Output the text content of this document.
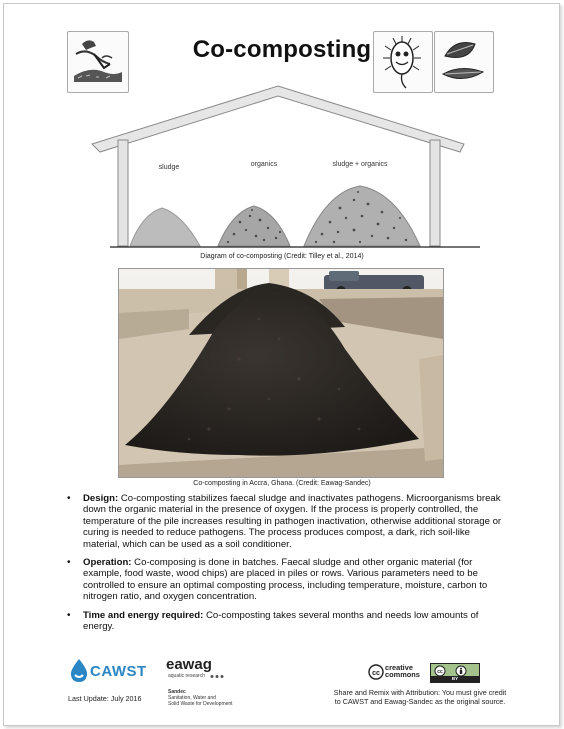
Co-composting
sludge	organics	sludge + organics
Diagram of co-composting (Credit: Tilley et al., 2014)
Co-composting in Accra, Ghana. (Credit: Eawag-Sandec)
• Design: Co-composting stabilizes faecal sludge and inactivates pathogens. Microorganisms break down the organic material in the presence of oxygen. If the process is properly controlled, the temperature of the pile increases resulting in pathogen inactivation, otherwise additional storage or curing is needed to reduce pathogens. The process produces compost, a dark, rich soil-like material, which can be used as a soil conditioner.
• Operation: Co-composing is done in batches. Faecal sludge and other organic material (for example, food waste, wood chips) are placed in piles or rows. Various parameters need to be controlled to ensure an optimal composting process, including temperature, moisture, carbon to nitrogen ratio, and oxygen concentration.
• Time and energy required: Co-composting takes several months and needs low amounts of energy.
CAWST eawag
aquatic research
Sandec
Sanitation, Water and
Solid Waste for Development
Last Update: July 2016
cc
creative commons	cc
BY
Share and Remix with Attribution: You must give credit
to CAWST and Eawag-Sandec as the original source.
